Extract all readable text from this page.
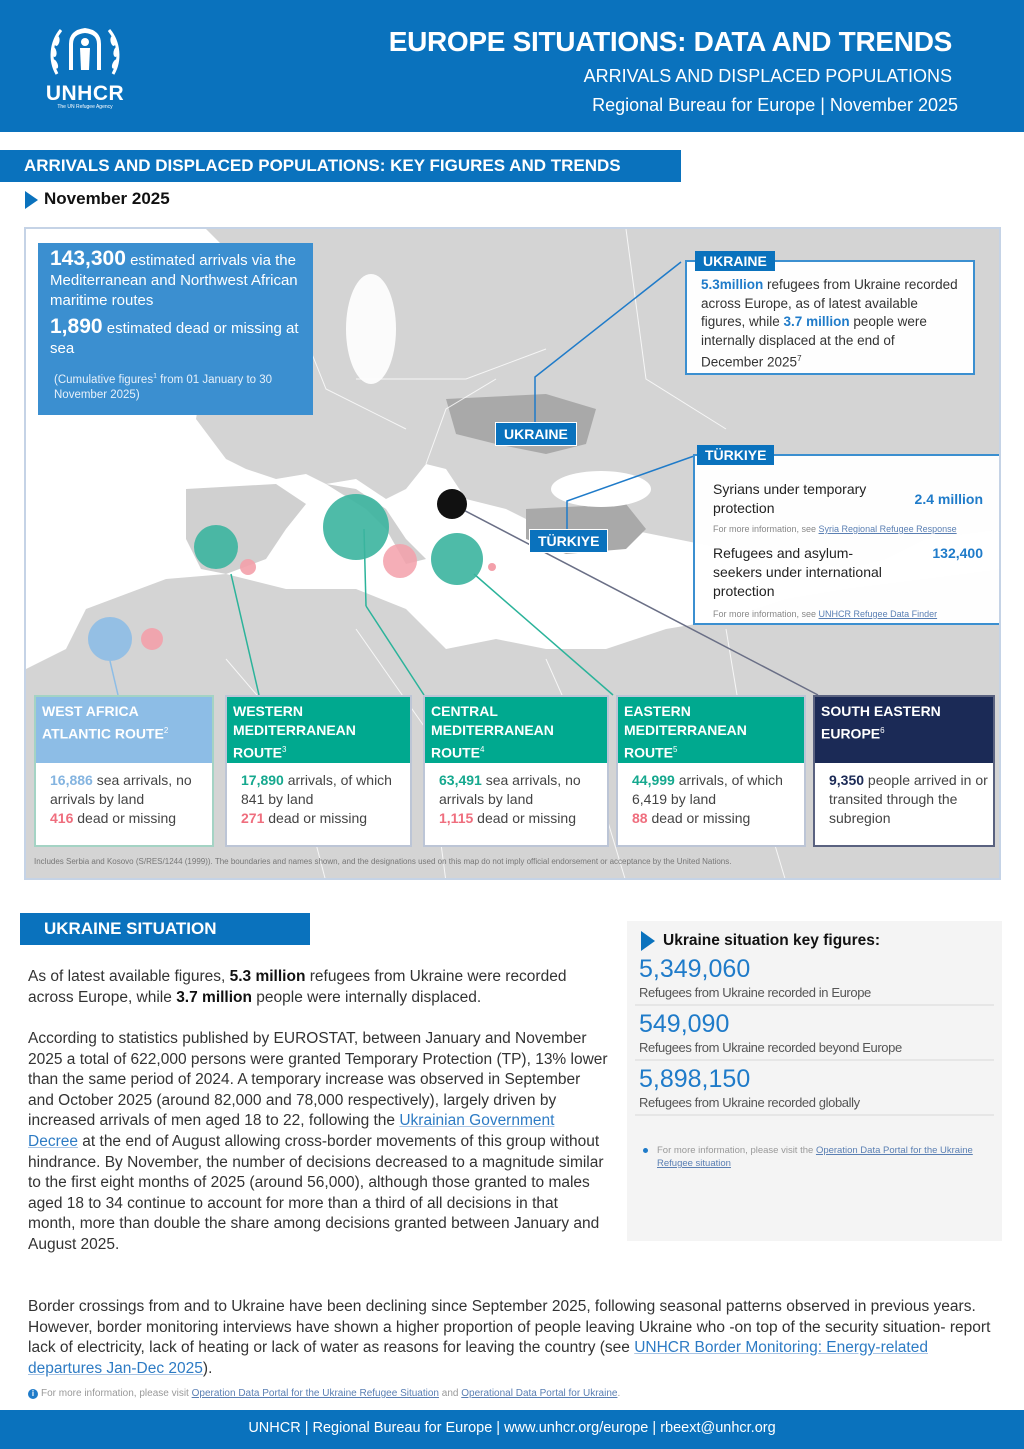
UNHCR
The UN Refugee Agency
EUROPE SITUATIONS: DATA AND TRENDS
ARRIVALS AND DISPLACED POPULATIONS
Regional Bureau for Europe | November 2025
ARRIVALS AND DISPLACED POPULATIONS: KEY FIGURES AND TRENDS
November 2025
143,300 estimated arrivals via the Mediterranean and Northwest African maritime routes
1,890 estimated dead or missing at sea
(Cumulative figures$^1$ from 01 January to 30 November 2025)
5.3million refugees from Ukraine recorded across Europe, as of latest available figures, while 3.7 million people were internally displaced at the end of December 2025$^7$
UKRAINE
Syrians under temporary protection
2.4 million
For more information, see Syria Regional Refugee Response
Refugees and asylum-seekers under international protection
132,400
For more information, see UNHCR Refugee Data Finder
TÜRKIYE
UKRAINE
TÜRKIYE
WEST AFRICA ATLANTIC ROUTE$^2$
16,886 sea arrivals, no arrivals by land
416 dead or missing
WESTERN MEDITERRANEAN ROUTE$^3$
17,890 arrivals, of which 841 by land
271 dead or missing
CENTRAL MEDITERRANEAN ROUTE$^4$
63,491 sea arrivals, no arrivals by land
1,115 dead or missing
EASTERN MEDITERRANEAN ROUTE$^5$
44,999 arrivals, of which 6,419 by land
88 dead or missing
SOUTH EASTERN EUROPE$^6$
9,350 people arrived in or transited through the subregion
Includes Serbia and Kosovo (S/RES/1244 (1999)). The boundaries and names shown, and the designations used on this map do not imply official endorsement or acceptance by the United Nations.
UKRAINE SITUATION
As of latest available figures, 5.3 million refugees from Ukraine were recorded across Europe, while 3.7 million people were internally displaced.
According to statistics published by EUROSTAT, between January and November 2025 a total of 622,000 persons were granted Temporary Protection (TP), 13% lower than the same period of 2024. A temporary increase was observed in September and October 2025 (around 82,000 and 78,000 respectively), largely driven by increased arrivals of men aged 18 to 22, following the Ukrainian Government Decree at the end of August allowing cross-border movements of this group without hindrance. By November, the number of decisions decreased to a magnitude similar to the first eight months of 2025 (around 56,000), although those granted to males aged 18 to 34 continue to account for more than a third of all decisions in that month, more than double the share among decisions granted between January and August 2025.
Border crossings from and to Ukraine have been declining since September 2025, following seasonal patterns observed in previous years. However, border monitoring interviews have shown a higher proportion of people leaving Ukraine who -on top of the security situation- report lack of electricity, lack of heating or lack of water as reasons for leaving the country (see UNHCR Border Monitoring: Energy-related departures Jan-Dec 2025).
i For more information, please visit Operation Data Portal for the Ukraine Refugee Situation and Operational Data Portal for Ukraine.
Ukraine situation key figures:
5,349,060
Refugees from Ukraine recorded in Europe
549,090
Refugees from Ukraine recorded beyond Europe
5,898,150
Refugees from Ukraine recorded globally
For more information, please visit the Operation Data Portal for the Ukraine Refugee situation
UNHCR | Regional Bureau for Europe | www.unhcr.org/europe | rbeext@unhcr.org
